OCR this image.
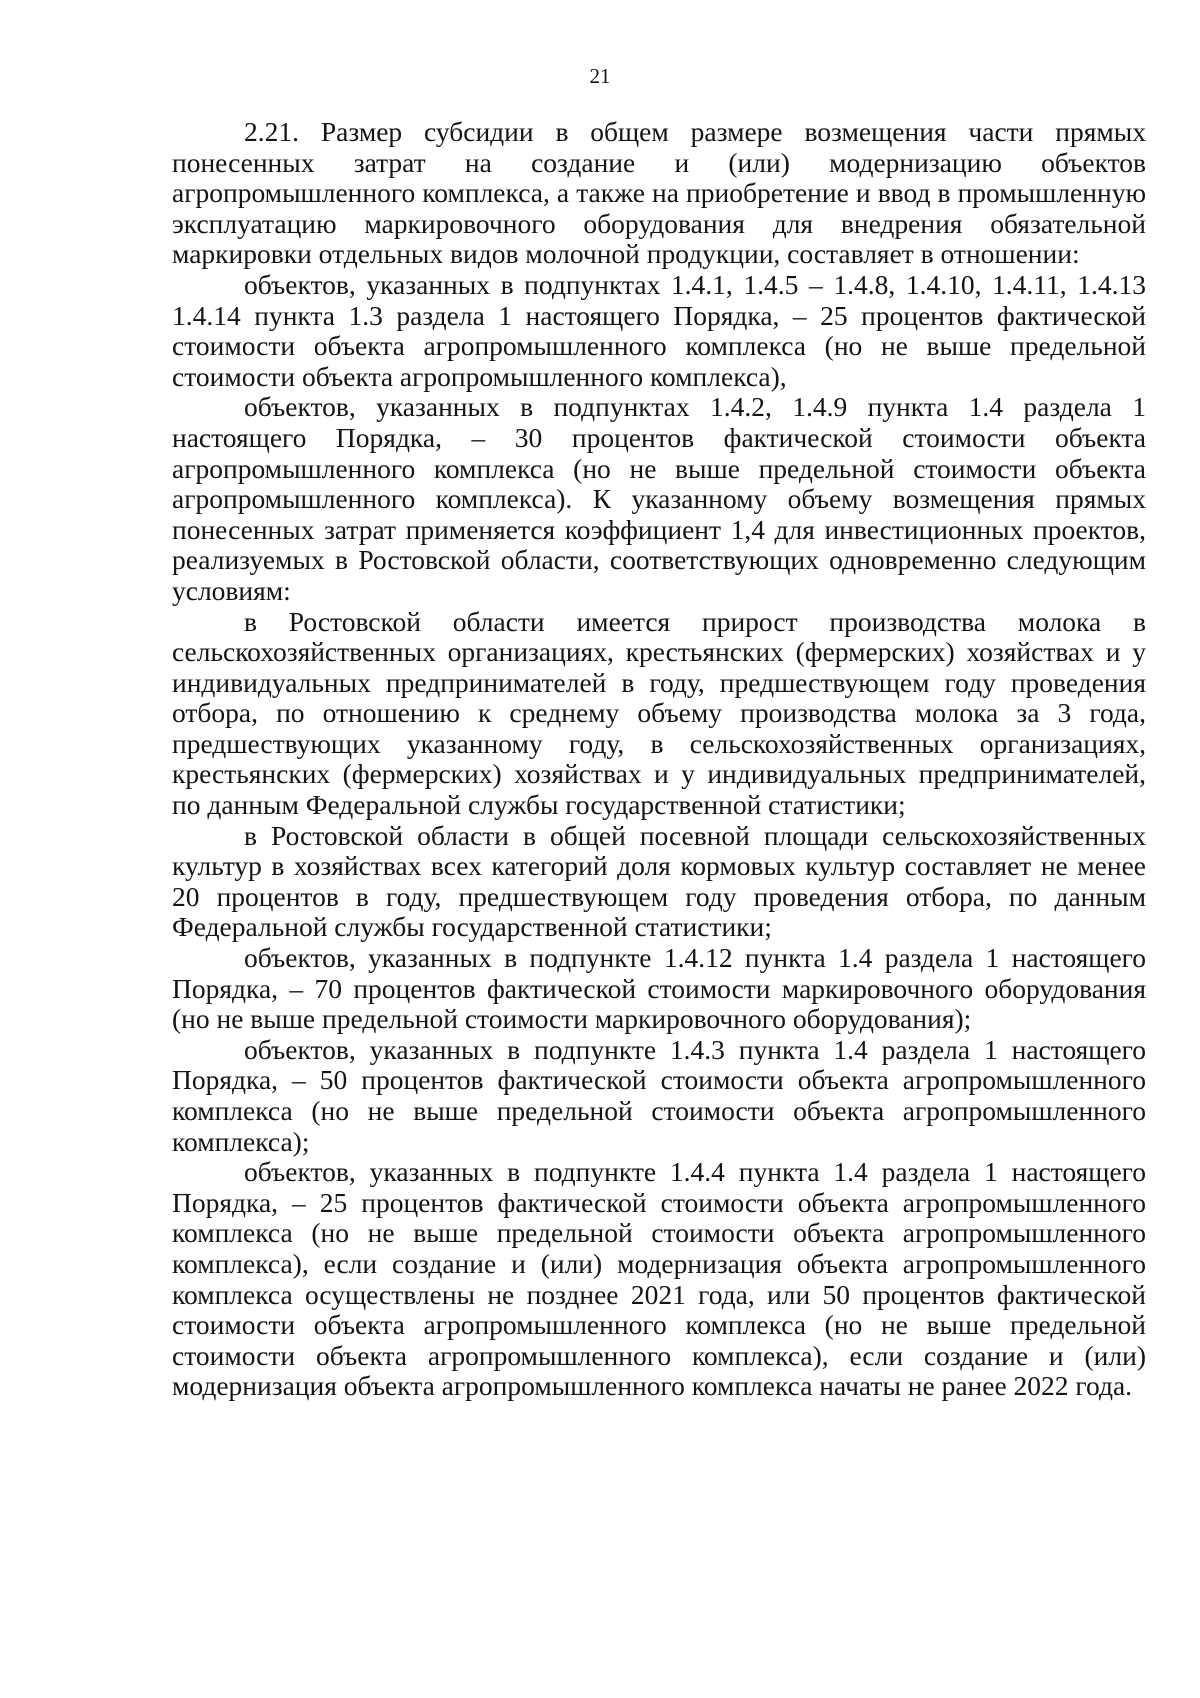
21

2.21. Размер субсидии в общем размере возмещения части прямых понесенных затрат на создание и (или) модернизацию объектов агропромышленного комплекса, а также на приобретение и ввод в промышленную эксплуатацию маркировочного оборудования для внедрения обязательной маркировки отдельных видов молочной продукции, составляет в отношении:

объектов, указанных в подпунктах 1.4.1, 1.4.5 – 1.4.8, 1.4.10, 1.4.11, 1.4.13 1.4.14 пункта 1.3 раздела 1 настоящего Порядка, – 25 процентов фактической стоимости объекта агропромышленного комплекса (но не выше предельной стоимости объекта агропромышленного комплекса),

объектов, указанных в подпунктах 1.4.2, 1.4.9 пункта 1.4 раздела 1 настоящего Порядка, – 30 процентов фактической стоимости объекта агропромышленного комплекса (но не выше предельной стоимости объекта агропромышленного комплекса). К указанному объему возмещения прямых понесенных затрат применяется коэффициент 1,4 для инвестиционных проектов, реализуемых в Ростовской области, соответствующих одновременно следующим условиям:

в Ростовской области имеется прирост производства молока в сельскохозяйственных организациях, крестьянских (фермерских) хозяйствах и у индивидуальных предпринимателей в году, предшествующем году проведения отбора, по отношению к среднему объему производства молока за 3 года, предшествующих указанному году, в сельскохозяйственных организациях, крестьянских (фермерских) хозяйствах и у индивидуальных предпринимателей, по данным Федеральной службы государственной статистики;

в Ростовской области в общей посевной площади сельскохозяйственных культур в хозяйствах всех категорий доля кормовых культур составляет не менее 20 процентов в году, предшествующем году проведения отбора, по данным Федеральной службы государственной статистики;

объектов, указанных в подпункте 1.4.12 пункта 1.4 раздела 1 настоящего Порядка, – 70 процентов фактической стоимости маркировочного оборудования (но не выше предельной стоимости маркировочного оборудования);

объектов, указанных в подпункте 1.4.3 пункта 1.4 раздела 1 настоящего Порядка, – 50 процентов фактической стоимости объекта агропромышленного комплекса (но не выше предельной стоимости объекта агропромышленного комплекса);

объектов, указанных в подпункте 1.4.4 пункта 1.4 раздела 1 настоящего Порядка, – 25 процентов фактической стоимости объекта агропромышленного комплекса (но не выше предельной стоимости объекта агропромышленного комплекса), если создание и (или) модернизация объекта агропромышленного комплекса осуществлены не позднее 2021 года, или 50 процентов фактической стоимости объекта агропромышленного комплекса (но не выше предельной стоимости объекта агропромышленного комплекса), если создание и (или) модернизация объекта агропромышленного комплекса начаты не ранее 2022 года.
